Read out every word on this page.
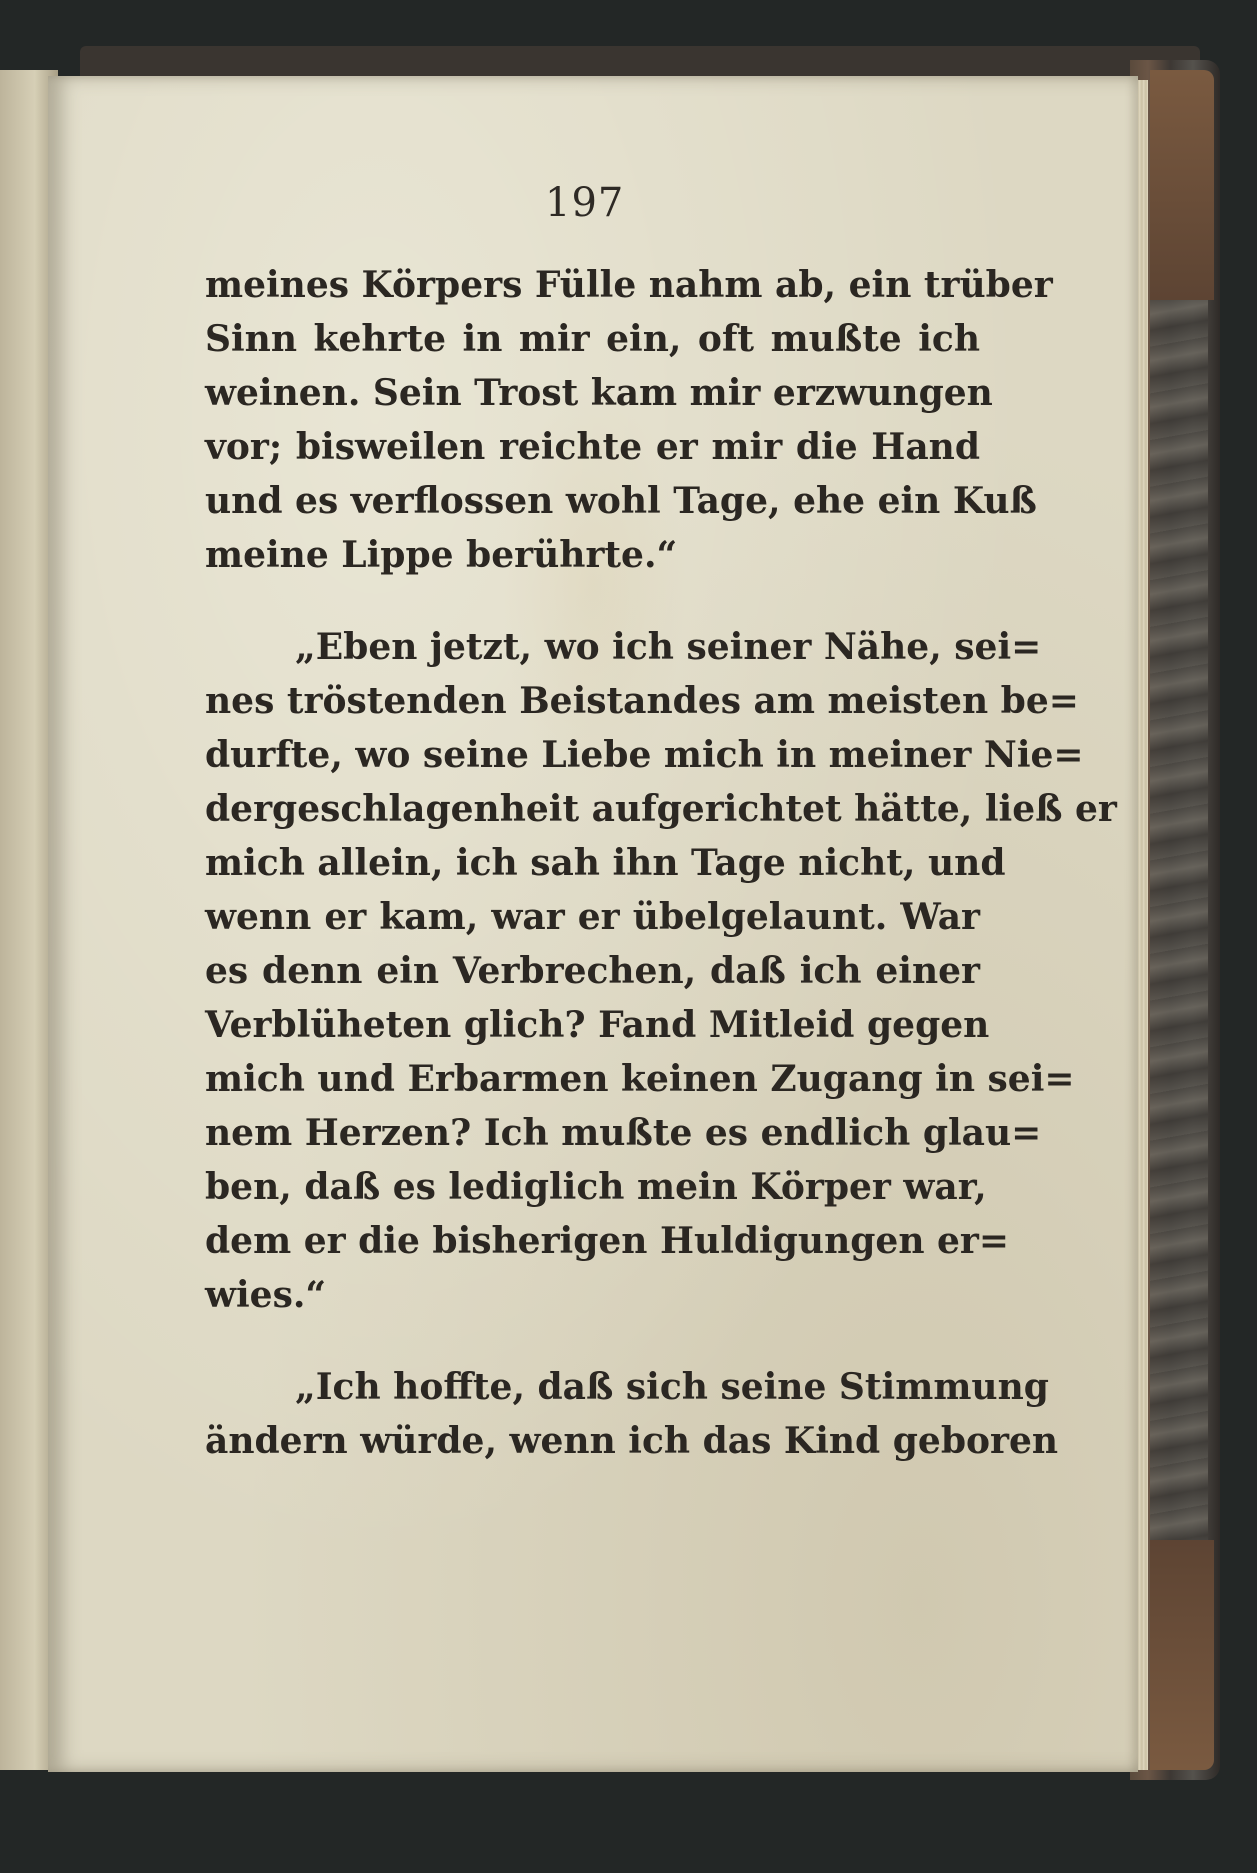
197
meines Körpers Fülle nahm ab, ein trüber
Sinn kehrte in mir ein, oft mußte ich
weinen. Sein Trost kam mir erzwungen
vor; bisweilen reichte er mir die Hand
und es verflossen wohl Tage, ehe ein Kuß
meine Lippe berührte.“
„Eben jetzt, wo ich seiner Nähe, sei=
nes tröstenden Beistandes am meisten be=
durfte, wo seine Liebe mich in meiner Nie=
dergeschlagenheit aufgerichtet hätte, ließ er
mich allein, ich sah ihn Tage nicht, und
wenn er kam, war er übelgelaunt. War
es denn ein Verbrechen, daß ich einer
Verblüheten glich? Fand Mitleid gegen
mich und Erbarmen keinen Zugang in sei=
nem Herzen? Ich mußte es endlich glau=
ben, daß es lediglich mein Körper war,
dem er die bisherigen Huldigungen er=
wies.“
„Ich hoffte, daß sich seine Stimmung
ändern würde, wenn ich das Kind geboren
